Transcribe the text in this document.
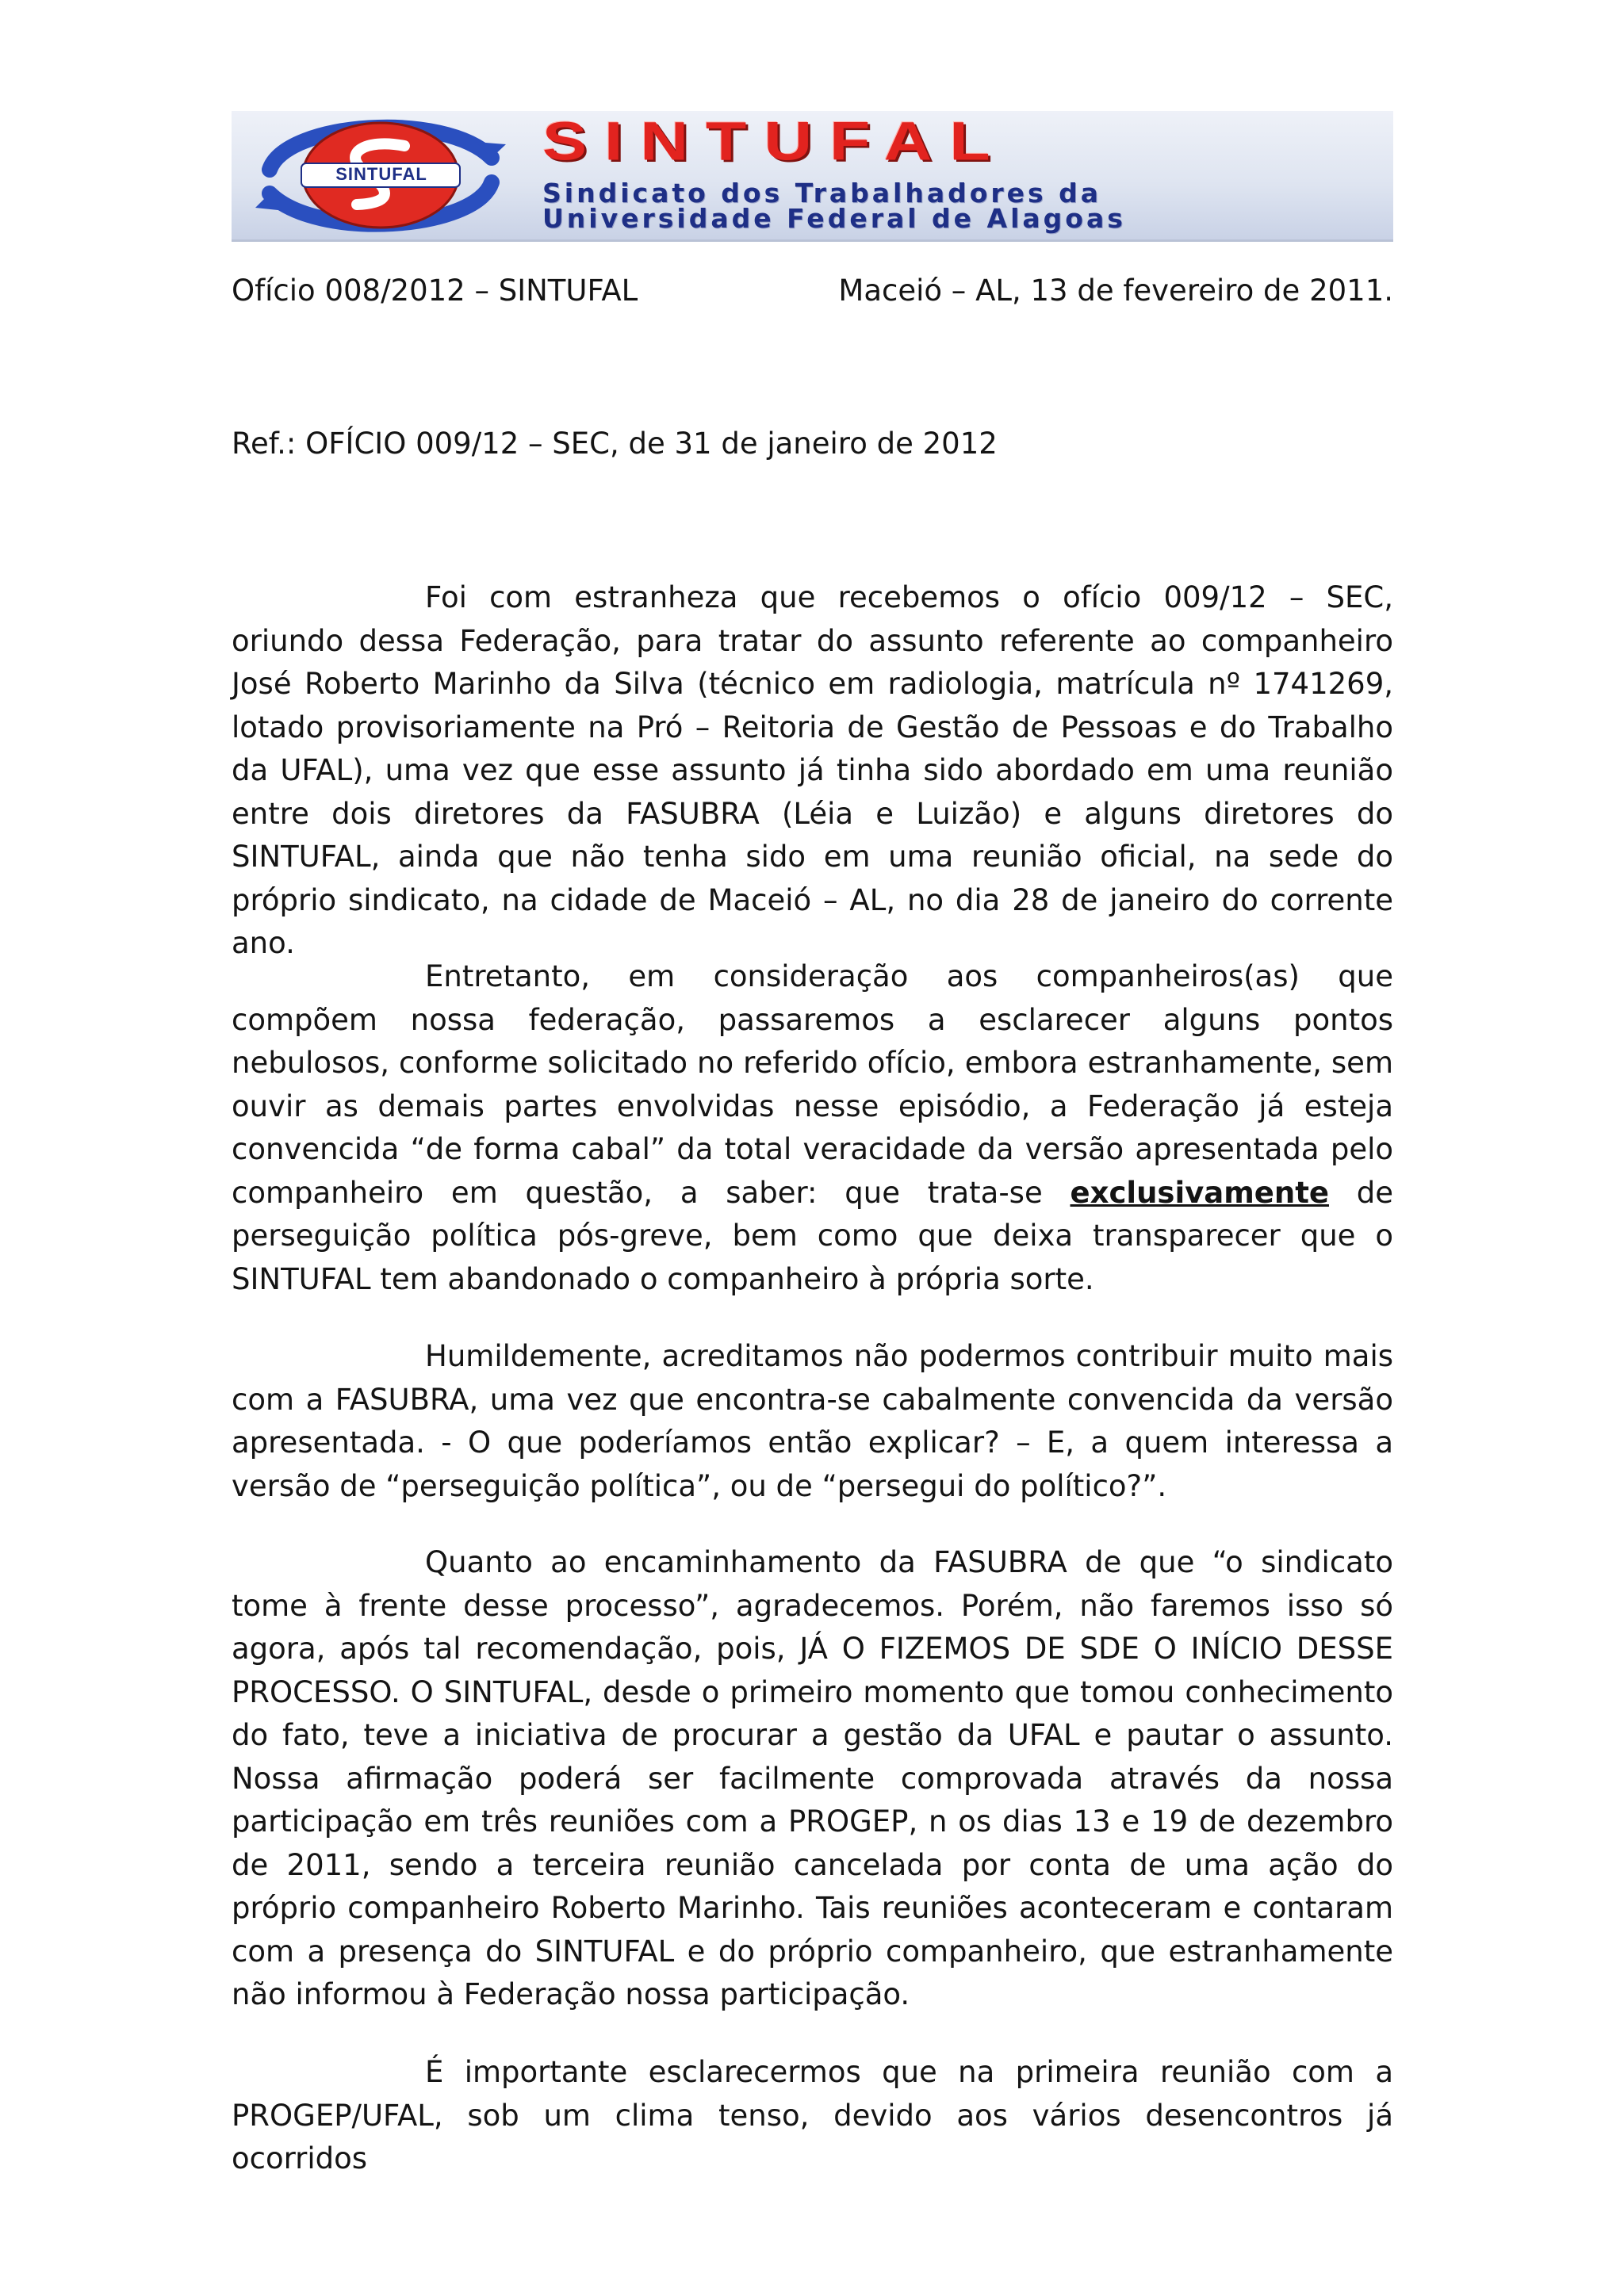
SINTUFAL
SINTUFAL
Sindicato dos Trabalhadores da
Universidade Federal de Alagoas
Ofício 008/2012 – SINTUFAL	Maceió – AL, 13 de fevereiro de 2011.
Ref.: OFÍCIO 009/12 – SEC, de 31 de janeiro de 2012

Foi com estranheza que recebemos o ofício 009/12 – SEC, oriundo dessa Federação, para tratar do assunto referente ao companheiro José Roberto Marinho da Silva (técnico em radiologia, matrícula nº 1741269, lotado provisoriamente na Pró – Reitoria de Gestão de Pessoas e do Trabalho da UFAL), uma vez que esse assunto já tinha sido abordado em uma reunião entre dois diretores da FASUBRA (Léia e Luizão) e alguns diretores do SINTUFAL, ainda que não tenha sido em uma reunião oficial, na sede do próprio sindicato, na cidade de Maceió – AL, no dia 28 de janeiro do corrente ano.

Entretanto, em consideração aos companheiros(as) que compõem nossa federação, passaremos a esclarecer alguns pontos nebulosos, conforme solicitado no referido ofício, embora estranhamente, sem ouvir as demais partes envolvidas nesse episódio, a Federação já esteja convencida “de forma cabal” da total veracidade da versão apresentada pelo companheiro em questão, a saber: que trata-se exclusivamente de perseguição política pós-greve, bem como que deixa transparecer que o SINTUFAL tem abandonado o companheiro à própria sorte.

Humildemente, acreditamos não podermos contribuir muito mais com a FASUBRA, uma vez que encontra-se cabalmente convencida da versão apresentada. - O que poderíamos então explicar? – E, a quem interessa a versão de “perseguição política”, ou de “persegui do político?”.

Quanto ao encaminhamento da FASUBRA de que “o sindicato tome à frente desse processo”, agradecemos. Porém, não faremos isso só agora, após tal recomendação, pois, JÁ O FIZEMOS DE SDE O INÍCIO DESSE PROCESSO. O SINTUFAL, desde o primeiro momento que tomou conhecimento do fato, teve a iniciativa de procurar a gestão da UFAL e pautar o assunto. Nossa afirmação poderá ser facilmente comprovada através da nossa participação em três reuniões com a PROGEP, n os dias 13 e 19 de dezembro de 2011, sendo a terceira reunião cancelada por conta de uma ação do próprio companheiro Roberto Marinho. Tais reuniões aconteceram e contaram com a presença do SINTUFAL e do próprio companheiro, que estranhamente não informou à Federação nossa participação.

É importante esclarecermos que na primeira reunião com a PROGEP/UFAL, sob um clima tenso, devido aos vários desencontros já ocorridos
